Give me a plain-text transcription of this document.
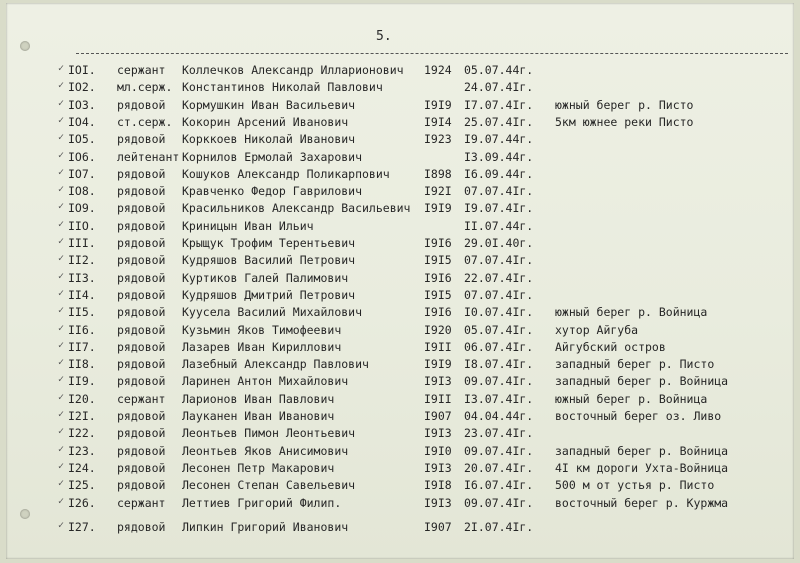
5.
✓ IOI. сержант Коллечков Александр Илларионович 1924 05.07.44г.
✓ IO2. мл.серж. Константинов Николай Павлович	24.07.4Iг.
✓ IO3. рядовой Кормушкин Иван Васильевич	I9I9 I7.07.4Iг. южный берег р. Писто
✓ IO4. ст.серж. Кокорин Арсений Иванович	I9I4 25.07.4Iг. 5км южнее реки Писто
✓ IO5. рядовой Корккоев Николай Иванович	I923 I9.07.44г.
✓ IO6. лейтенант Корнилов Ермолай Захарович	I3.09.44г.
✓ IO7. рядовой Кошуков Александр Поликарпович	I898 I6.09.44г.
✓ IO8. рядовой Кравченко Федор Гаврилович	I92I 07.07.4Iг.
✓ IO9. рядовой Красильников Александр Васильевич I9I9 I9.07.4Iг.
✓ IIO. рядовой Криницын Иван Ильич	II.07.44г.
✓ III. рядовой Крыщук Трофим Терентьевич	I9I6 29.0I.40г.
✓ II2. рядовой Кудряшов Василий Петрович	I9I5 07.07.4Iг.
✓ II3. рядовой Куртиков Галей Палимович	I9I6 22.07.4Iг.
✓ II4. рядовой Кудряшов Дмитрий Петрович	I9I5 07.07.4Iг.
✓ II5. рядовой Куусела Василий Михайлович	I9I6 I0.07.4Iг. южный берег р. Войница
✓ II6. рядовой Кузьмин Яков Тимофеевич	I920 05.07.4Iг. хутор Айгуба
✓ II7. рядовой Лазарев Иван Кириллович	I9II 06.07.4Iг. Айгубский остров
✓ II8. рядовой Лазебный Александр Павлович	I9I9 I8.07.4Iг. западный берег р. Писто
✓ II9. рядовой Ларинен Антон Михайлович	I9I3 09.07.4Iг. западный берег р. Войница
✓ I20. сержант Ларионов Иван Павлович	I9II I3.07.4Iг. южный берег р. Войница
✓ I2I. рядовой Лауканен Иван Иванович	I907 04.04.44г. восточный берег оз. Ливо
✓ I22. рядовой Леонтьев Пимон Леонтьевич	I9I3 23.07.4Iг.
✓ I23. рядовой Леонтьев Яков Анисимович	I9I0 09.07.4Iг. западный берег р. Войница
✓ I24. рядовой Лесонен Петр Макарович	I9I3 20.07.4Iг. 4I км дороги Ухта-Войница
✓ I25. рядовой Лесонен Степан Савельевич	I9I8 I6.07.4Iг. 500 м от устья р. Писто
✓ I26. сержант Леттиев Григорий Филип.	I9I3 09.07.4Iг. восточный берег р. Куржма
✓ I27. рядовой Липкин Григорий Иванович	I907 2I.07.4Iг.
